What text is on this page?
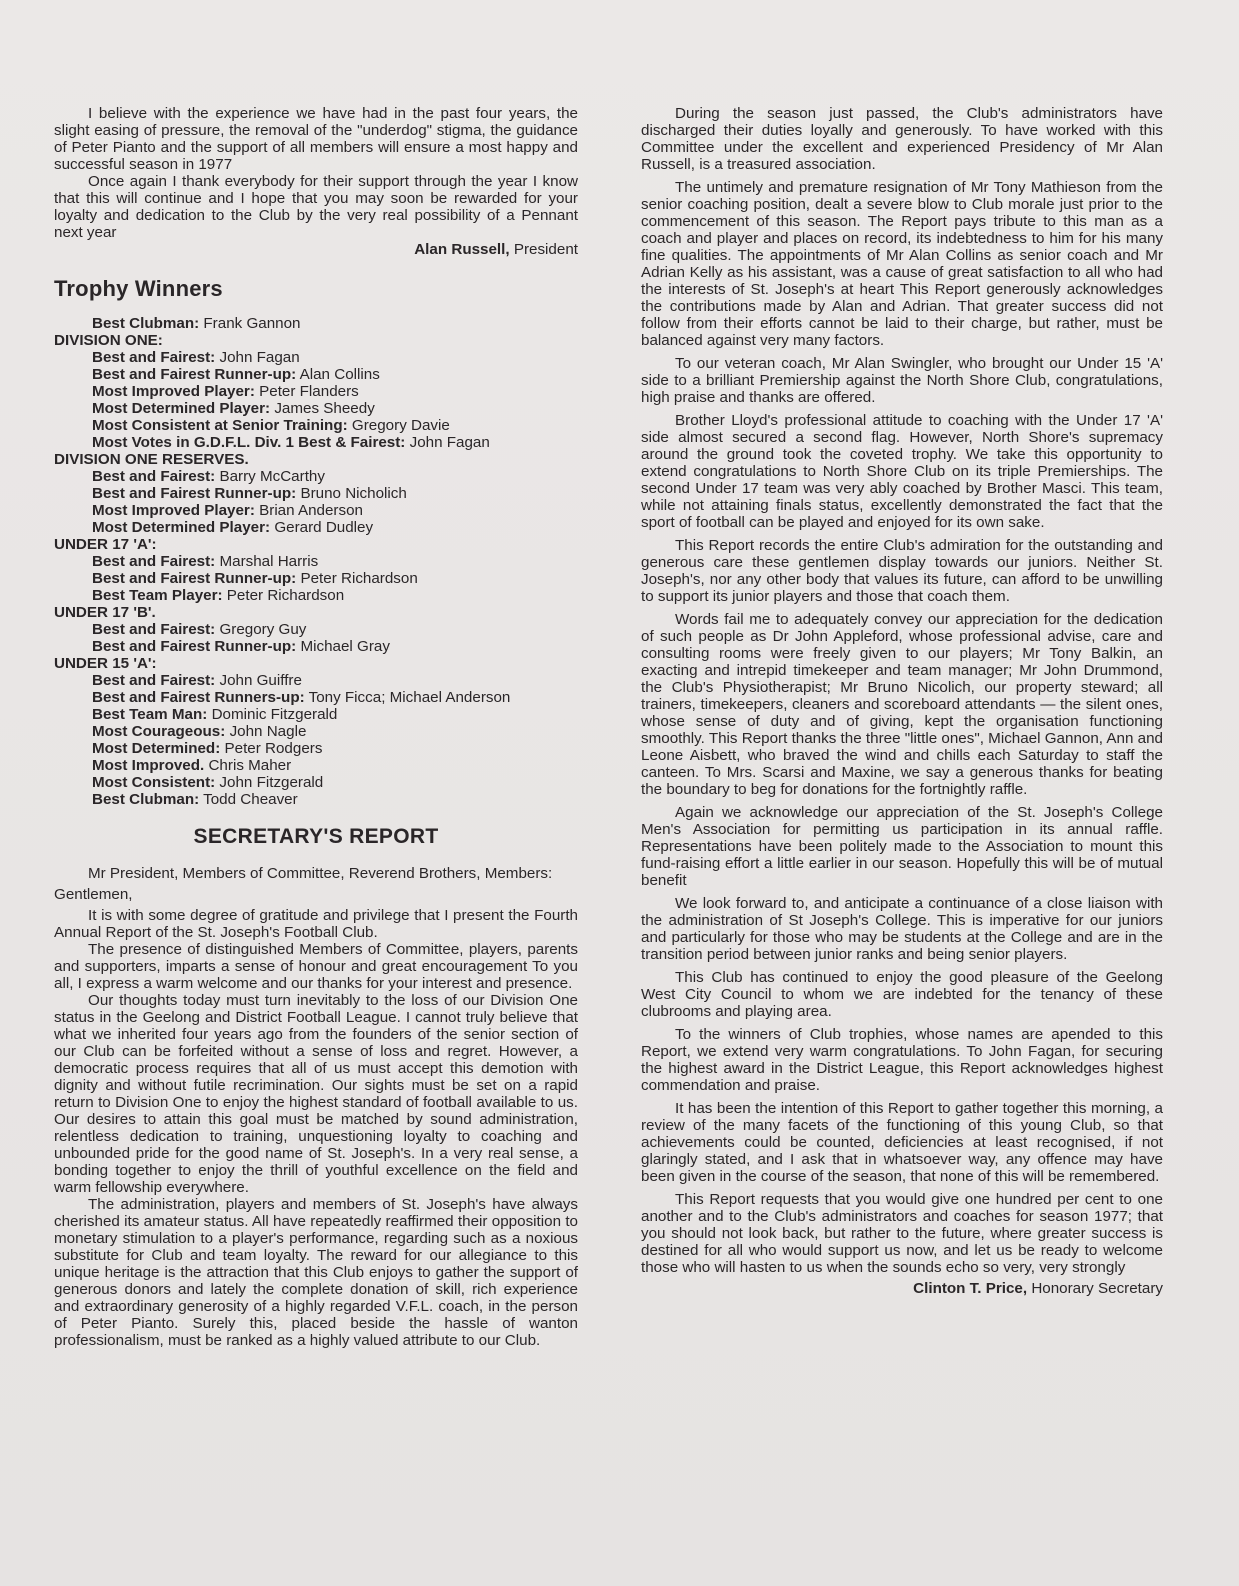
I believe with the experience we have had in the past four years, the slight easing of pressure, the removal of the "underdog" stigma, the guidance of Peter Pianto and the support of all members will ensure a most happy and successful season in 1977

Once again I thank everybody for their support through the year I know that this will continue and I hope that you may soon be rewarded for your loyalty and dedication to the Club by the very real possibility of a Pennant next year

Alan Russell, President

Trophy Winners
Best Clubman: Frank Gannon
DIVISION ONE:
Best and Fairest: John Fagan
Best and Fairest Runner-up: Alan Collins
Most Improved Player: Peter Flanders
Most Determined Player: James Sheedy
Most Consistent at Senior Training: Gregory Davie
Most Votes in G.D.F.L. Div. 1 Best & Fairest: John Fagan
DIVISION ONE RESERVES.
Best and Fairest: Barry McCarthy
Best and Fairest Runner-up: Bruno Nicholich
Most Improved Player: Brian Anderson
Most Determined Player: Gerard Dudley
UNDER 17 'A':
Best and Fairest: Marshal Harris
Best and Fairest Runner-up: Peter Richardson
Best Team Player: Peter Richardson
UNDER 17 'B'.
Best and Fairest: Gregory Guy
Best and Fairest Runner-up: Michael Gray
UNDER 15 'A':
Best and Fairest: John Guiffre
Best and Fairest Runners-up: Tony Ficca; Michael Anderson
Best Team Man: Dominic Fitzgerald
Most Courageous: John Nagle
Most Determined: Peter Rodgers
Most Improved. Chris Maher
Most Consistent: John Fitzgerald
Best Clubman: Todd Cheaver
SECRETARY'S REPORT

Mr President, Members of Committee, Reverend Brothers, Members:

Gentlemen,

It is with some degree of gratitude and privilege that I present the Fourth Annual Report of the St. Joseph's Football Club.

The presence of distinguished Members of Committee, players, parents and supporters, imparts a sense of honour and great encouragement To you all, I express a warm welcome and our thanks for your interest and presence.

Our thoughts today must turn inevitably to the loss of our Division One status in the Geelong and District Football League. I cannot truly believe that what we inherited four years ago from the founders of the senior section of our Club can be forfeited without a sense of loss and regret. However, a democratic process requires that all of us must accept this demotion with dignity and without futile recrimination. Our sights must be set on a rapid return to Division One to enjoy the highest standard of football available to us. Our desires to attain this goal must be matched by sound administration, relentless dedication to training, unquestioning loyalty to coaching and unbounded pride for the good name of St. Joseph's. In a very real sense, a bonding together to enjoy the thrill of youthful excellence on the field and warm fellowship everywhere.

The administration, players and members of St. Joseph's have always cherished its amateur status. All have repeatedly reaffirmed their opposition to monetary stimulation to a player's performance, regarding such as a noxious substitute for Club and team loyalty. The reward for our allegiance to this unique heritage is the attraction that this Club enjoys to gather the support of generous donors and lately the complete donation of skill, rich experience and extraordinary generosity of a highly regarded V.F.L. coach, in the person of Peter Pianto. Surely this, placed beside the hassle of wanton professionalism, must be ranked as a highly valued attribute to our Club.

During the season just passed, the Club's administrators have discharged their duties loyally and generously. To have worked with this Committee under the excellent and experienced Presidency of Mr Alan Russell, is a treasured association.

The untimely and premature resignation of Mr Tony Mathieson from the senior coaching position, dealt a severe blow to Club morale just prior to the commencement of this season. The Report pays tribute to this man as a coach and player and places on record, its indebtedness to him for his many fine qualities. The appointments of Mr Alan Collins as senior coach and Mr Adrian Kelly as his assistant, was a cause of great satisfaction to all who had the interests of St. Joseph's at heart This Report generously acknowledges the contributions made by Alan and Adrian. That greater success did not follow from their efforts cannot be laid to their charge, but rather, must be balanced against very many factors.

To our veteran coach, Mr Alan Swingler, who brought our Under 15 'A' side to a brilliant Premiership against the North Shore Club, congratulations, high praise and thanks are offered.

Brother Lloyd's professional attitude to coaching with the Under 17 'A' side almost secured a second flag. However, North Shore's supremacy around the ground took the coveted trophy. We take this opportunity to extend congratulations to North Shore Club on its triple Premierships. The second Under 17 team was very ably coached by Brother Masci. This team, while not attaining finals status, excellently demonstrated the fact that the sport of football can be played and enjoyed for its own sake.

This Report records the entire Club's admiration for the outstanding and generous care these gentlemen display towards our juniors. Neither St. Joseph's, nor any other body that values its future, can afford to be unwilling to support its junior players and those that coach them.

Words fail me to adequately convey our appreciation for the dedication of such people as Dr John Appleford, whose professional advise, care and consulting rooms were freely given to our players; Mr Tony Balkin, an exacting and intrepid timekeeper and team manager; Mr John Drummond, the Club's Physiotherapist; Mr Bruno Nicolich, our property steward; all trainers, timekeepers, cleaners and scoreboard attendants — the silent ones, whose sense of duty and of giving, kept the organisation functioning smoothly. This Report thanks the three "little ones", Michael Gannon, Ann and Leone Aisbett, who braved the wind and chills each Saturday to staff the canteen. To Mrs. Scarsi and Maxine, we say a generous thanks for beating the boundary to beg for donations for the fortnightly raffle.

Again we acknowledge our appreciation of the St. Joseph's College Men's Association for permitting us participation in its annual raffle. Representations have been politely made to the Association to mount this fund-raising effort a little earlier in our season. Hopefully this will be of mutual benefit

We look forward to, and anticipate a continuance of a close liaison with the administration of St Joseph's College. This is imperative for our juniors and particularly for those who may be students at the College and are in the transition period between junior ranks and being senior players.

This Club has continued to enjoy the good pleasure of the Geelong West City Council to whom we are indebted for the tenancy of these clubrooms and playing area.

To the winners of Club trophies, whose names are apended to this Report, we extend very warm congratulations. To John Fagan, for securing the highest award in the District League, this Report acknowledges highest commendation and praise.

It has been the intention of this Report to gather together this morning, a review of the many facets of the functioning of this young Club, so that achievements could be counted, deficiencies at least recognised, if not glaringly stated, and I ask that in whatsoever way, any offence may have been given in the course of the season, that none of this will be remembered.

This Report requests that you would give one hundred per cent to one another and to the Club's administrators and coaches for season 1977; that you should not look back, but rather to the future, where greater success is destined for all who would support us now, and let us be ready to welcome those who will hasten to us when the sounds echo so very, very strongly

Clinton T. Price, Honorary Secretary
